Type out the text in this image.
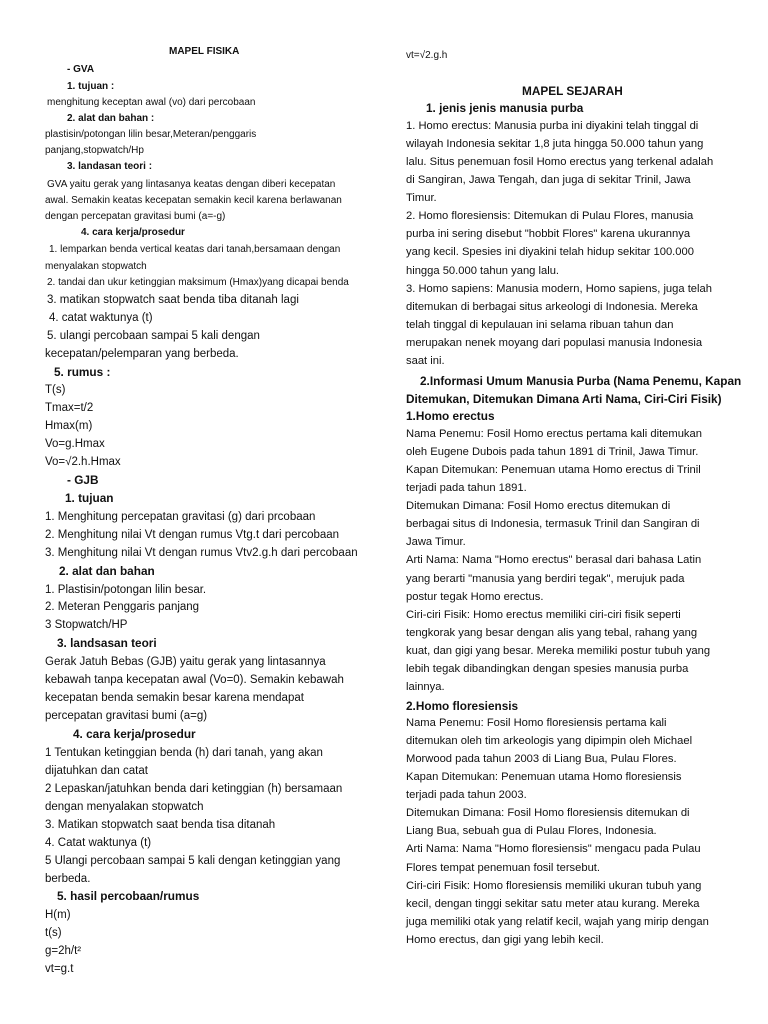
MAPEL FISIKA
- GVA
1. tujuan :
menghitung keceptan awal (vo) dari percobaan
2. alat dan bahan :
plastisin/potongan lilin besar,Meteran/penggaris
panjang,stopwatch/Hp
3. landasan teori :
GVA yaitu gerak yang lintasanya keatas dengan diberi kecepatan
awal. Semakin keatas kecepatan semakin kecil karena berlawanan
dengan percepatan gravitasi bumi (a=-g)
4. cara kerja/prosedur
1. lemparkan benda vertical keatas dari tanah,bersamaan dengan
menyalakan stopwatch
2. tandai dan ukur ketinggian maksimum (Hmax)yang dicapai benda
3. matikan stopwatch saat benda tiba ditanah lagi
4. catat waktunya (t)
5. ulangi percobaan sampai 5 kali dengan
kecepatan/pelemparan yang berbeda.
5. rumus :
T(s)
Tmax=t/2
Hmax(m)
Vo=g.Hmax
Vo=√2.h.Hmax
- GJB
1. tujuan
1. Menghitung percepatan gravitasi (g) dari prcobaan
2. Menghitung nilai Vt dengan rumus Vtg.t dari percobaan
3. Menghitung nilai Vt dengan rumus Vtv2.g.h dari percobaan
2. alat dan bahan
1. Plastisin/potongan lilin besar.
2. Meteran Penggaris panjang
3 Stopwatch/HP
3. landsasan teori
Gerak Jatuh Bebas (GJB) yaitu gerak yang lintasannya
kebawah tanpa kecepatan awal (Vo=0). Semakin kebawah
kecepatan benda semakin besar karena mendapat
percepatan gravitasi bumi (a=g)
4. cara kerja/prosedur
1 Tentukan ketinggian benda (h) dari tanah, yang akan
dijatuhkan dan catat
2 Lepaskan/jatuhkan benda dari ketinggian (h) bersamaan
dengan menyalakan stopwatch
3. Matikan stopwatch saat benda tisa ditanah
4. Catat waktunya (t)
5 Ulangi percobaan sampai 5 kali dengan ketinggian yang
berbeda.
5. hasil percobaan/rumus
H(m)
t(s)
g=2h/t²
vt=g.t
vt=√2.g.h
MAPEL SEJARAH
1. jenis jenis manusia purba
1. Homo erectus: Manusia purba ini diyakini telah tinggal di
wilayah Indonesia sekitar 1,8 juta hingga 50.000 tahun yang
lalu. Situs penemuan fosil Homo erectus yang terkenal adalah
di Sangiran, Jawa Tengah, dan juga di sekitar Trinil, Jawa
Timur.
2. Homo floresiensis: Ditemukan di Pulau Flores, manusia
purba ini sering disebut "hobbit Flores" karena ukurannya
yang kecil. Spesies ini diyakini telah hidup sekitar 100.000
hingga 50.000 tahun yang lalu.
3. Homo sapiens: Manusia modern, Homo sapiens, juga telah
ditemukan di berbagai situs arkeologi di Indonesia. Mereka
telah tinggal di kepulauan ini selama ribuan tahun dan
merupakan nenek moyang dari populasi manusia Indonesia
saat ini.
2.Informasi Umum Manusia Purba (Nama Penemu, Kapan
Ditemukan, Ditemukan Dimana Arti Nama, Ciri-Ciri Fisik)
1.Homo erectus
Nama Penemu: Fosil Homo erectus pertama kali ditemukan
oleh Eugene Dubois pada tahun 1891 di Trinil, Jawa Timur.
Kapan Ditemukan: Penemuan utama Homo erectus di Trinil
terjadi pada tahun 1891.
Ditemukan Dimana: Fosil Homo erectus ditemukan di
berbagai situs di Indonesia, termasuk Trinil dan Sangiran di
Jawa Timur.
Arti Nama: Nama "Homo erectus" berasal dari bahasa Latin
yang berarti "manusia yang berdiri tegak", merujuk pada
postur tegak Homo erectus.
Ciri-ciri Fisik: Homo erectus memiliki ciri-ciri fisik seperti
tengkorak yang besar dengan alis yang tebal, rahang yang
kuat, dan gigi yang besar. Mereka memiliki postur tubuh yang
lebih tegak dibandingkan dengan spesies manusia purba
lainnya.
2.Homo floresiensis
Nama Penemu: Fosil Homo floresiensis pertama kali
ditemukan oleh tim arkeologis yang dipimpin oleh Michael
Morwood pada tahun 2003 di Liang Bua, Pulau Flores.
Kapan Ditemukan: Penemuan utama Homo floresiensis
terjadi pada tahun 2003.
Ditemukan Dimana: Fosil Homo floresiensis ditemukan di
Liang Bua, sebuah gua di Pulau Flores, Indonesia.
Arti Nama: Nama "Homo floresiensis" mengacu pada Pulau
Flores tempat penemuan fosil tersebut.
Ciri-ciri Fisik: Homo floresiensis memiliki ukuran tubuh yang
kecil, dengan tinggi sekitar satu meter atau kurang. Mereka
juga memiliki otak yang relatif kecil, wajah yang mirip dengan
Homo erectus, dan gigi yang lebih kecil.
